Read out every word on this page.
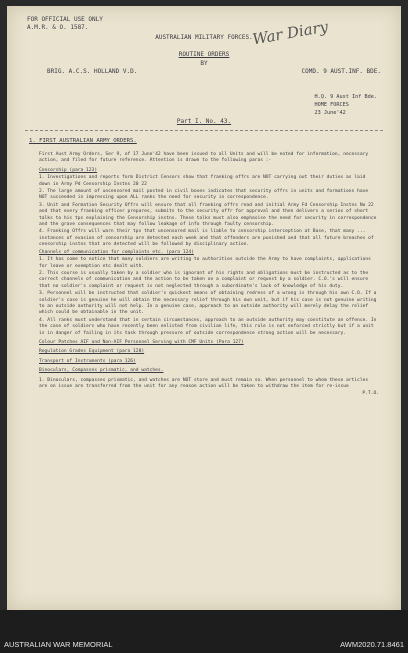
FOR OFFICIAL USE ONLY
A.M.R. & O. 1587.	War Diary
AUSTRALIAN MILITARY FORCES.
ROUTINE ORDERS
BY
BRIG. A.C.S. HOLLAND V.D.	COMD. 9 AUST.INF. BDE.
H.Q. 9 Aust Inf Bde.
HOME FORCES
23 June'42
Part I. No. 43.
1. FIRST AUSTRALIAN ARMY ORDERS.

First Aust Army Orders, Ser 9, of 17 June'42 have been issued to all Units and will be noted for information, necessary action, and filed for future reference. Attention is drawn to the following paras :-

Censorship (para 123)

1. Investigations and reports form District Censors show that franking offrs are NOT carrying out their duties as laid down in Army Pd Censorship Instns 20 22

2. The large amount of uncensored mail posted in civil boxes indicates that security offrs in units and formations have NOT succeeded in impressing upon ALL ranks the need for security in correspondence.

3. Unit and Formation Security Offrs will ensure that all franking offrs read and initial Army Fd Censorship Instns No 22 and that every franking officer prepares, submits to the security offr for approval and then delivers a series of short talks to his tps explaining the Censorship instns. These talks must also emphasise the need for security in correspondence and the grave consequences that may follow leakage of info through faulty censorship.

4. Franking Offrs will warn their tps that uncensored mail is liable to censorship interception at Base, that many ... instances of evasion of censorship are detected each week and that offenders are punished and that all future breaches of censorship instns that are detected will be followed by disciplinary action.

Channels of communication for complaints etc. (para 124)

1. It has come to notice that many soldiers are writing to authorities outside the Army to have complaints, applications for leave or exemption etc dealt with.

2. This course is usually taken by a soldier who is ignorant of his rights and obligations must be instructed as to the correct channels of communication and the action to be taken on a complaint or request by a soldier. C.O.'s will ensure that no soldier's complaint or request is not neglected through a subordinate's lack of knowledge of his duty.

3. Personnel will be instructed that soldier's quickest means of obtaining redress of a wrong is through his own C.O. If a soldier's case is genuine he will obtain the necessary relief through his own unit, but if his case is not genuine writing to an outside authority will not help. In a genuine case, approach to an outside authority will merely delay the relief which could be obtainable in the unit.

4. All ranks must understand that in certain circumstances, approach to an outside authority may constitute an offence. In the case of soldiers who have recently been enlisted from civilian life, this rule is not enforced strictly but if a unit is in danger of failing in its task through pressure of outside correspondence strong action will be necessary.

Colour Patches AIF and Non-AIF Personnel Serving with CMF Units (Para 127)

Regulation Grades Equipment (para 128)

Transport of Instruments (para 126)

Binoculars, Compasses prismatic, and watches.

1. Binoculars, compasses prismatic, and watches are NOT store and must remain so. When personnel to whom these articles are on issue are transferred from the unit for any reason action will be taken to withdraw the item for re-issue

P.T.O.

AUSTRALIAN WAR MEMORIAL	AWM2020.71.8461
